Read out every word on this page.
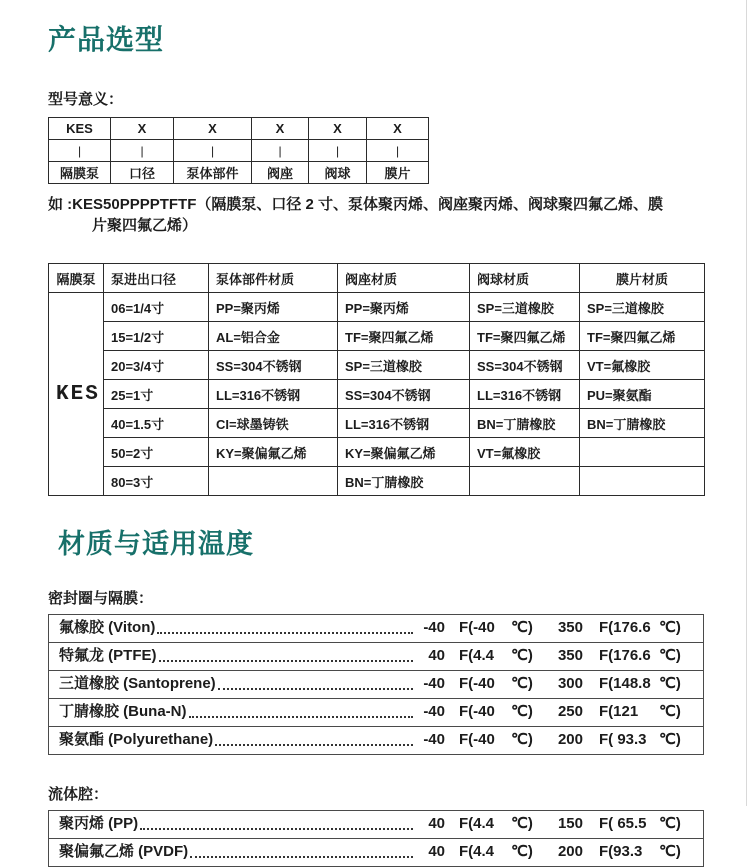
产品选型
型号意义：
KES	X	X	X	X	X
|	|	|	|	|	|
隔膜泵	口径	泵体部件	阀座	阀球	膜片
如 :KES50PPPPTFTF（隔膜泵、口径 2 寸、泵体聚丙烯、阀座聚丙烯、阀球聚四氟乙烯、膜
片聚四氟乙烯）
隔膜泵	泵进出口径	泵体部件材质	阀座材质	阀球材质	膜片材质
KES	06=1/4寸	PP=聚丙烯	PP=聚丙烯	SP=三道橡胶	SP=三道橡胶
	15=1/2寸	AL=铝合金	TF=聚四氟乙烯	TF=聚四氟乙烯	TF=聚四氟乙烯
	20=3/4寸	SS=304不锈钢	SP=三道橡胶	SS=304不锈钢	VT=氟橡胶
	25=1寸	LL=316不锈钢	SS=304不锈钢	LL=316不锈钢	PU=聚氨酯
	40=1.5寸	CI=球墨铸铁	LL=316不锈钢	BN=丁腈橡胶	BN=丁腈橡胶
	50=2寸	KY=聚偏氟乙烯	KY=聚偏氟乙烯	VT=氟橡胶	
	80=3寸		BN=丁腈橡胶		
材质与适用温度
密封圈与隔膜：
氟橡胶 (Viton)	-40 F(-40	℃)	350 F(176.6 ℃)
特氟龙 (PTFE)	40 F(4.4	℃)	350 F(176.6 ℃)
三道橡胶 (Santoprene)	-40 F(-40	℃)	300 F(148.8 ℃)
丁腈橡胶 (Buna-N)	-40 F(-40	℃)	250 F(121	℃)
聚氨酯 (Polyurethane)	-40 F(-40	℃)	200 F( 93.3 ℃)
流体腔：
聚丙烯 (PP)	40 F(4.4	℃)	150 F( 65.5 ℃)
聚偏氟乙烯 (PVDF)	40 F(4.4	℃)	200 F(93.3	℃)
